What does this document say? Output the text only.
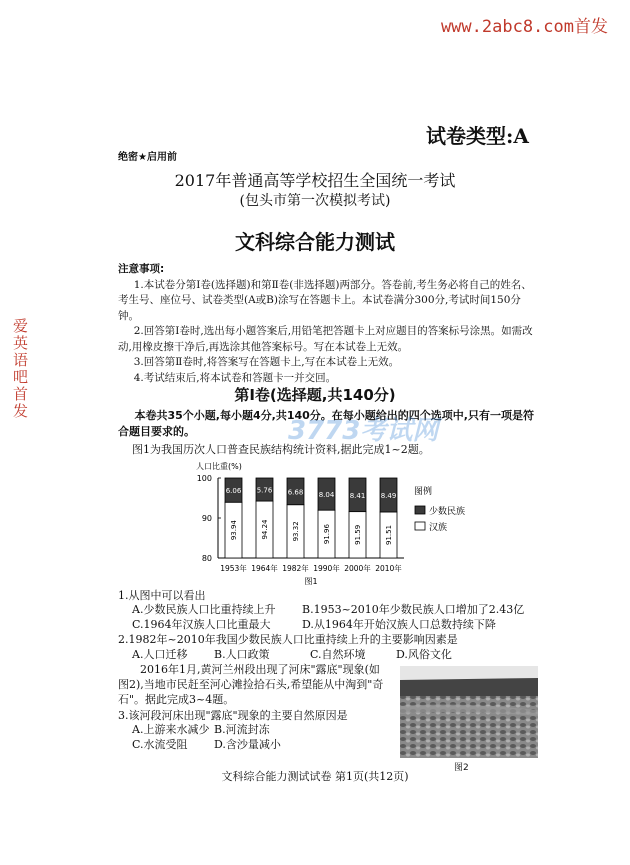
www.2abc8.com首发
爱英语吧首发
试卷类型:A
绝密★启用前
2017年普通高等学校招生全国统一考试
(包头市第一次模拟考试)
文科综合能力测试
注意事项:

1.本试卷分第Ⅰ卷(选择题)和第Ⅱ卷(非选择题)两部分。答卷前,考生务必将自己的姓名、考生号、座位号、试卷类型(A或B)涂写在答题卡上。本试卷满分300分,考试时间150分钟。

2.回答第Ⅰ卷时,选出每小题答案后,用铅笔把答题卡上对应题目的答案标号涂黑。如需改动,用橡皮擦干净后,再选涂其他答案标号。写在本试卷上无效。

3.回答第Ⅱ卷时,将答案写在答题卡上,写在本试卷上无效。

4.考试结束后,将本试卷和答题卡一并交回。

第Ⅰ卷(选择题,共140分)

本卷共35个小题,每小题4分,共140分。在每小题给出的四个选项中,只有一项是符合题目要求的。	3773考试网
图1为我国历次人口普查民族结构统计资料,据此完成1~2题。
人口比重(%)
100
90
80
6.06
93.94
1953年
5.76
94.24
1964年
6.68
93.32
1982年
8.04
91.96
1990年
8.41
91.59
2000年
8.49
91.51
2010年
图1
图例
少数民族
汉族
1.从图中可以看出
A.少数民族人口比重持续上升 B.1953~2010年少数民族人口增加了2.43亿
C.1964年汉族人口比重最大	D.从1964年开始汉族人口总数持续下降
2.1982年~2010年我国少数民族人口比重持续上升的主要影响因素是
A.人口迁移 B.人口政策	C.自然环境	D.风俗文化
2016年1月,黄河兰州段出现了河床"露底"现象(如图2),当地市民赶至河心滩捡拾石头,希望能从中淘到"奇石"。据此完成3~4题。
3.该河段河床出现"露底"现象的主要自然原因是
A.上游来水减少 B.河流封冻
C.水流受阻 D.含沙量减小
图2
文科综合能力测试试卷 第1页(共12页)
